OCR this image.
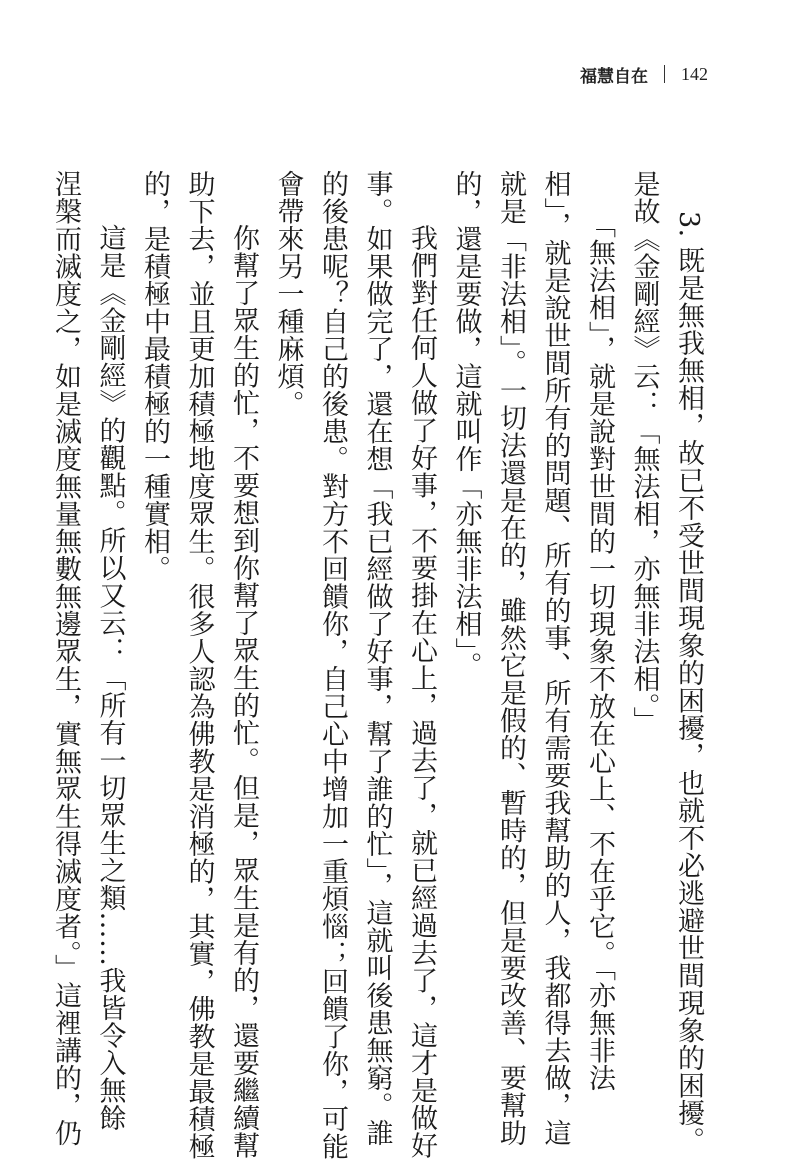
福慧自在 142

3. 既是無我無相，故已不受世間現象的困擾，也就不必逃避世間現象的困擾。

是故《金剛經》云：「無法相，亦無非法相。」

「無法相」，就是說對世間的一切現象不放在心上、不在乎它。「亦無非法

相」，就是說世間所有的問題、所有的事、所有需要我幫助的人，我都得去做，這

就是「非法相」。一切法還是在的，雖然它是假的、暫時的，但是要改善、要幫助

的，還是要做，這就叫作「亦無非法相」。

我們對任何人做了好事，不要掛在心上，過去了，就已經過去了，這才是做好

事。如果做完了，還在想「我已經做了好事，幫了誰的忙」，這就叫後患無窮。誰

的後患呢？自己的後患。對方不回饋你，自己心中增加一重煩惱；回饋了你，可能

會帶來另一種麻煩。

你幫了眾生的忙，不要想到你幫了眾生的忙。但是，眾生是有的，還要繼續幫

助下去，並且更加積極地度眾生。很多人認為佛教是消極的，其實，佛教是最積極

的，是積極中最積極的一種實相。

這是《金剛經》的觀點。所以又云：「所有一切眾生之類……我皆令入無餘

涅槃而滅度之，如是滅度無量無數無邊眾生，實無眾生得滅度者。」這裡講的，仍
